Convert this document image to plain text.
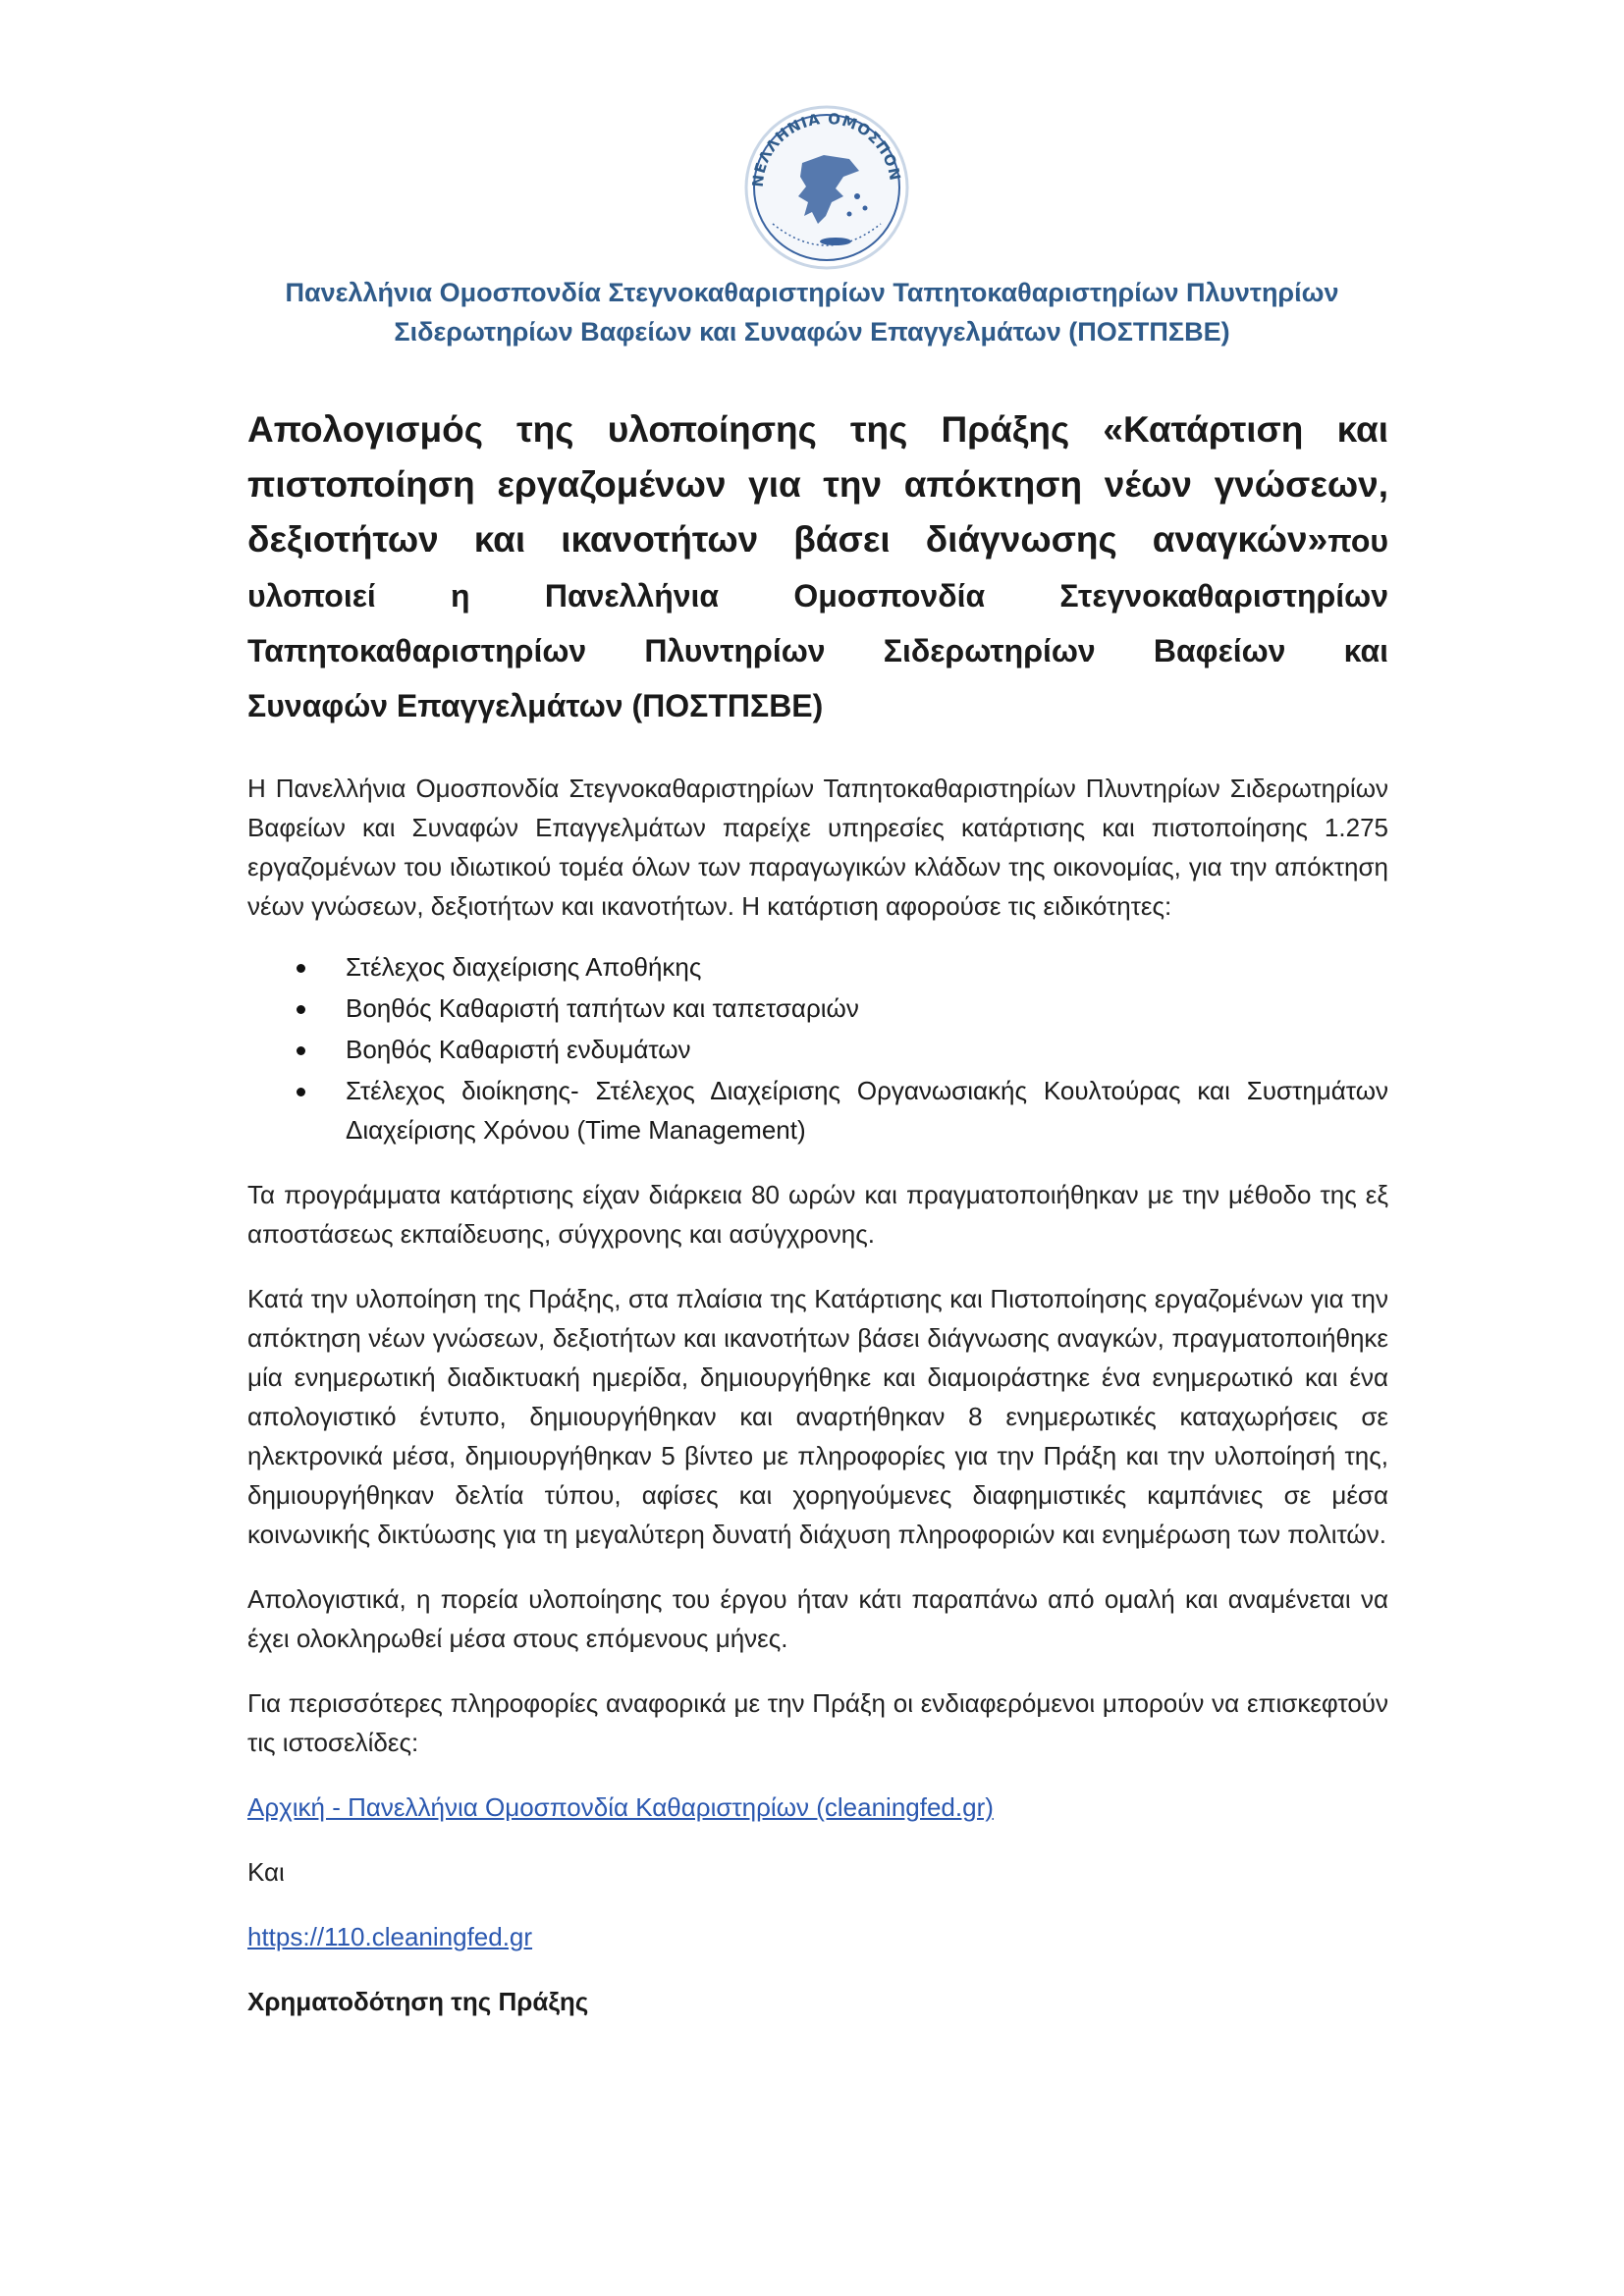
ΝΕΛΛΗΝΙΑ ΟΜΟΣΠΟΝ
Πανελλήνια Ομοσπονδία Στεγνοκαθαριστηρίων Ταπητοκαθαριστηρίων Πλυντηρίων
Σιδερωτηρίων Βαφείων και Συναφών Επαγγελμάτων (ΠΟΣΤΠΣΒΕ)
Απολογισμός της υλοποίησης της Πράξης «Κατάρτιση και
πιστοποίηση εργαζομένων για την απόκτηση νέων γνώσεων,
δεξιοτήτων και ικανοτήτων βάσει διάγνωσης αναγκών»που
υλοποιεί η Πανελλήνια Ομοσπονδία Στεγνοκαθαριστηρίων
Ταπητοκαθαριστηρίων Πλυντηρίων Σιδερωτηρίων Βαφείων και
Συναφών Επαγγελμάτων (ΠΟΣΤΠΣΒΕ)

Η Πανελλήνια Ομοσπονδία Στεγνοκαθαριστηρίων Ταπητοκαθαριστηρίων Πλυντηρίων Σιδερωτηρίων Βαφείων και Συναφών Επαγγελμάτων παρείχε υπηρεσίες κατάρτισης και πιστοποίησης 1.275 εργαζομένων του ιδιωτικού τομέα όλων των παραγωγικών κλάδων της οικονομίας, για την απόκτηση νέων γνώσεων, δεξιοτήτων και ικανοτήτων. Η κατάρτιση αφορούσε τις ειδικότητες:

Στέλεχος διαχείρισης Αποθήκης
Βοηθός Καθαριστή ταπήτων και ταπετσαριών
Βοηθός Καθαριστή ενδυμάτων
Στέλεχος διοίκησης- Στέλεχος Διαχείρισης Οργανωσιακής Κουλτούρας και Συστημάτων Διαχείρισης Χρόνου (Time Management)

Τα προγράμματα κατάρτισης είχαν διάρκεια 80 ωρών και πραγματοποιήθηκαν με την μέθοδο της εξ αποστάσεως εκπαίδευσης, σύγχρονης και ασύγχρονης.

Κατά την υλοποίηση της Πράξης, στα πλαίσια της Κατάρτισης και Πιστοποίησης εργαζομένων για την απόκτηση νέων γνώσεων, δεξιοτήτων και ικανοτήτων βάσει διάγνωσης αναγκών, πραγματοποιήθηκε μία ενημερωτική διαδικτυακή ημερίδα, δημιουργήθηκε και διαμοιράστηκε ένα ενημερωτικό και ένα απολογιστικό έντυπο, δημιουργήθηκαν και αναρτήθηκαν 8 ενημερωτικές καταχωρήσεις σε ηλεκτρονικά μέσα, δημιουργήθηκαν 5 βίντεο με πληροφορίες για την Πράξη και την υλοποίησή της, δημιουργήθηκαν δελτία τύπου, αφίσες και χορηγούμενες διαφημιστικές καμπάνιες σε μέσα κοινωνικής δικτύωσης για τη μεγαλύτερη δυνατή διάχυση πληροφοριών και ενημέρωση των πολιτών.

Απολογιστικά, η πορεία υλοποίησης του έργου ήταν κάτι παραπάνω από ομαλή και αναμένεται να έχει ολοκληρωθεί μέσα στους επόμενους μήνες.

Για περισσότερες πληροφορίες αναφορικά με την Πράξη οι ενδιαφερόμενοι μπορούν να επισκεφτούν τις ιστοσελίδες:

Αρχική - Πανελλήνια Ομοσπονδία Καθαριστηρίων (cleaningfed.gr)

Και

https://110.cleaningfed.gr
Χρηματοδότηση της Πράξης
